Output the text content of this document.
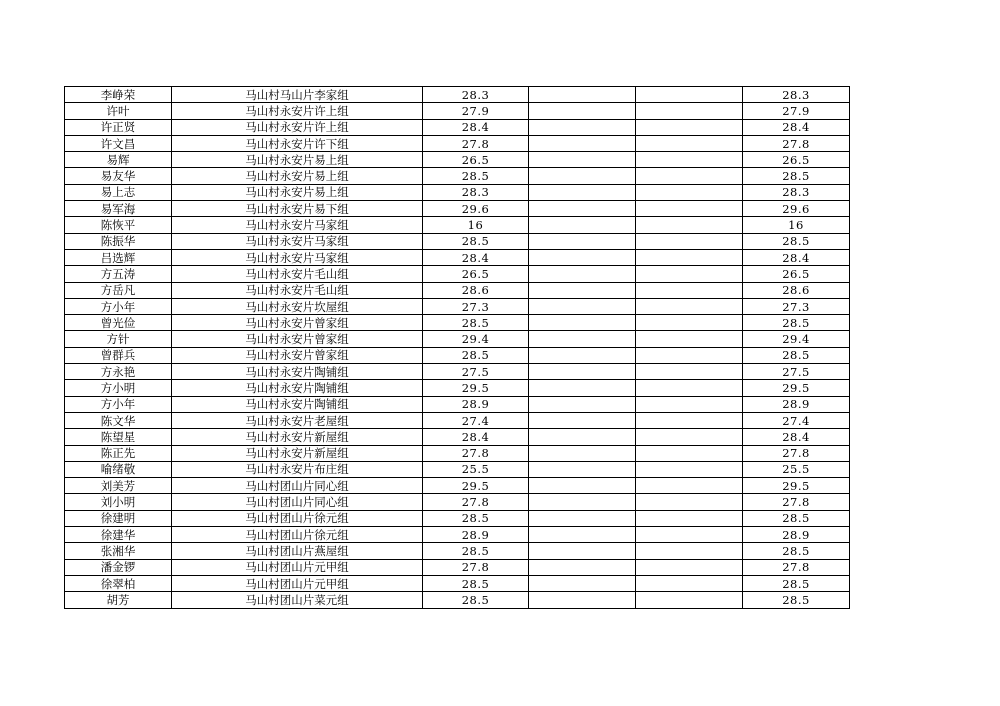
李峥荣	马山村马山片李家组	28.3			28.3
许叶	马山村永安片许上组	27.9			27.9
许正贤	马山村永安片许上组	28.4			28.4
许文昌	马山村永安片许下组	27.8			27.8
易辉	马山村永安片易上组	26.5			26.5
易友华	马山村永安片易上组	28.5			28.5
易上志	马山村永安片易上组	28.3			28.3
易军海	马山村永安片易下组	29.6			29.6
陈恢平	马山村永安片马家组	16			16
陈振华	马山村永安片马家组	28.5			28.5
吕选辉	马山村永安片马家组	28.4			28.4
方五涛	马山村永安片毛山组	26.5			26.5
方岳凡	马山村永安片毛山组	28.6			28.6
方小年	马山村永安片坎屋组	27.3			27.3
曾光俭	马山村永安片曾家组	28.5			28.5
方针	马山村永安片曾家组	29.4			29.4
曾群兵	马山村永安片曾家组	28.5			28.5
方永艳	马山村永安片陶铺组	27.5			27.5
方小明	马山村永安片陶铺组	29.5			29.5
方小年	马山村永安片陶铺组	28.9			28.9
陈文华	马山村永安片老屋组	27.4			27.4
陈望星	马山村永安片新屋组	28.4			28.4
陈正先	马山村永安片新屋组	27.8			27.8
喻绪敬	马山村永安片布庄组	25.5			25.5
刘美芳	马山村团山片同心组	29.5			29.5
刘小明	马山村团山片同心组	27.8			27.8
徐建明	马山村团山片徐元组	28.5			28.5
徐建华	马山村团山片徐元组	28.9			28.9
张湘华	马山村团山片燕屋组	28.5			28.5
潘金锣	马山村团山片元甲组	27.8			27.8
徐翠柏	马山村团山片元甲组	28.5			28.5
胡芳	马山村团山片菜元组	28.5			28.5
